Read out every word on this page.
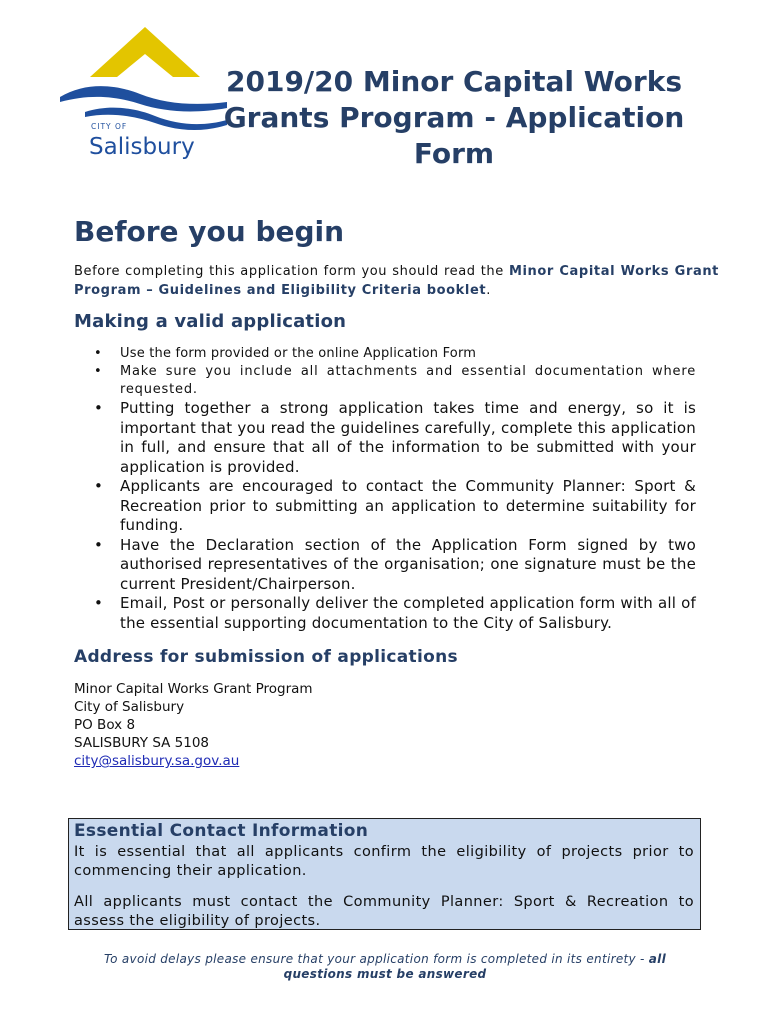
CITY OF
Salisbury
2019/20 Minor Capital Works
Grants Program - Application
Form
Before you begin

Before completing this application form you should read the Minor Capital Works Grant Program – Guidelines and Eligibility Criteria booklet.

Making a valid application
• Use the form provided or the online Application Form
• Make sure you include all attachments and essential documentation where requested.
• Putting together a strong application takes time and energy, so it is important that you read the guidelines carefully, complete this application in full, and ensure that all of the information to be submitted with your application is provided.
• Applicants are encouraged to contact the Community Planner: Sport & Recreation prior to submitting an application to determine suitability for funding.
• Have the Declaration section of the Application Form signed by two authorised representatives of the organisation; one signature must be the current President/Chairperson.
• Email, Post or personally deliver the completed application form with all of the essential supporting documentation to the City of Salisbury.
Address for submission of applications
Minor Capital Works Grant Program
City of Salisbury
PO Box 8
SALISBURY SA 5108
city@salisbury.sa.gov.au
Essential Contact Information

It is essential that all applicants confirm the eligibility of projects prior to commencing their application.

All applicants must contact the Community Planner: Sport & Recreation to assess the eligibility of projects.

To avoid delays please ensure that your application form is completed in its entirety - all questions must be answered
